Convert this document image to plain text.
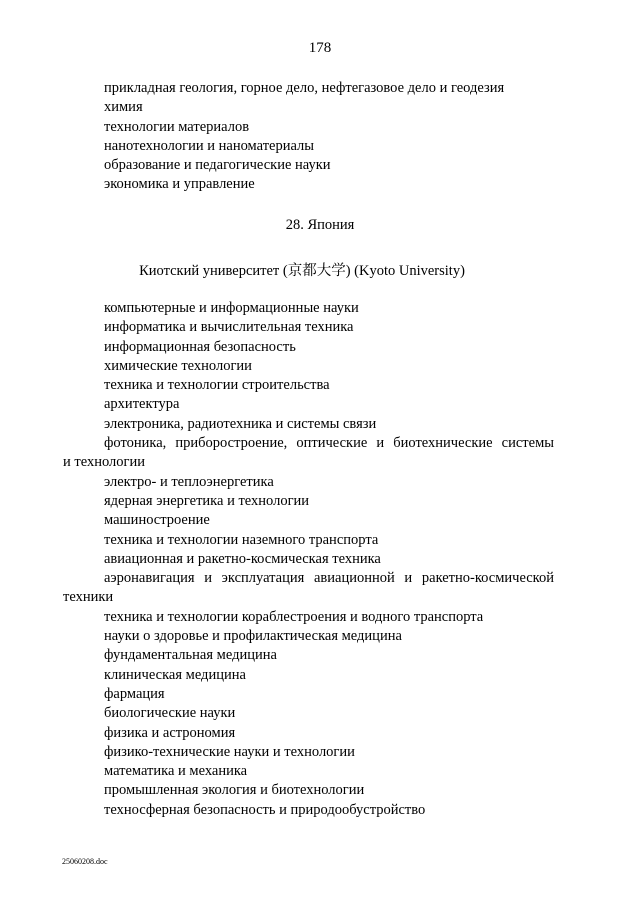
178
прикладная геология, горное дело, нефтегазовое дело и геодезия
химия
технологии материалов
нанотехнологии и наноматериалы
образование и педагогические науки
экономика и управление
28. Япония
Киотский университет (京都大学) (Kyoto University)
компьютерные и информационные науки
информатика и вычислительная техника
информационная безопасность
химические технологии
техника и технологии строительства
архитектура
электроника, радиотехника и системы связи
фотоника, приборостроение, оптические и биотехнические системы
и технологии
электро- и теплоэнергетика
ядерная энергетика и технологии
машиностроение
техника и технологии наземного транспорта
авиационная и ракетно-космическая техника
аэронавигация и эксплуатация авиационной и ракетно-космической
техники
техника и технологии кораблестроения и водного транспорта
науки о здоровье и профилактическая медицина
фундаментальная медицина
клиническая медицина
фармация
биологические науки
физика и астрономия
физико-технические науки и технологии
математика и механика
промышленная экология и биотехнологии
техносферная безопасность и природообустройство
25060208.doc
